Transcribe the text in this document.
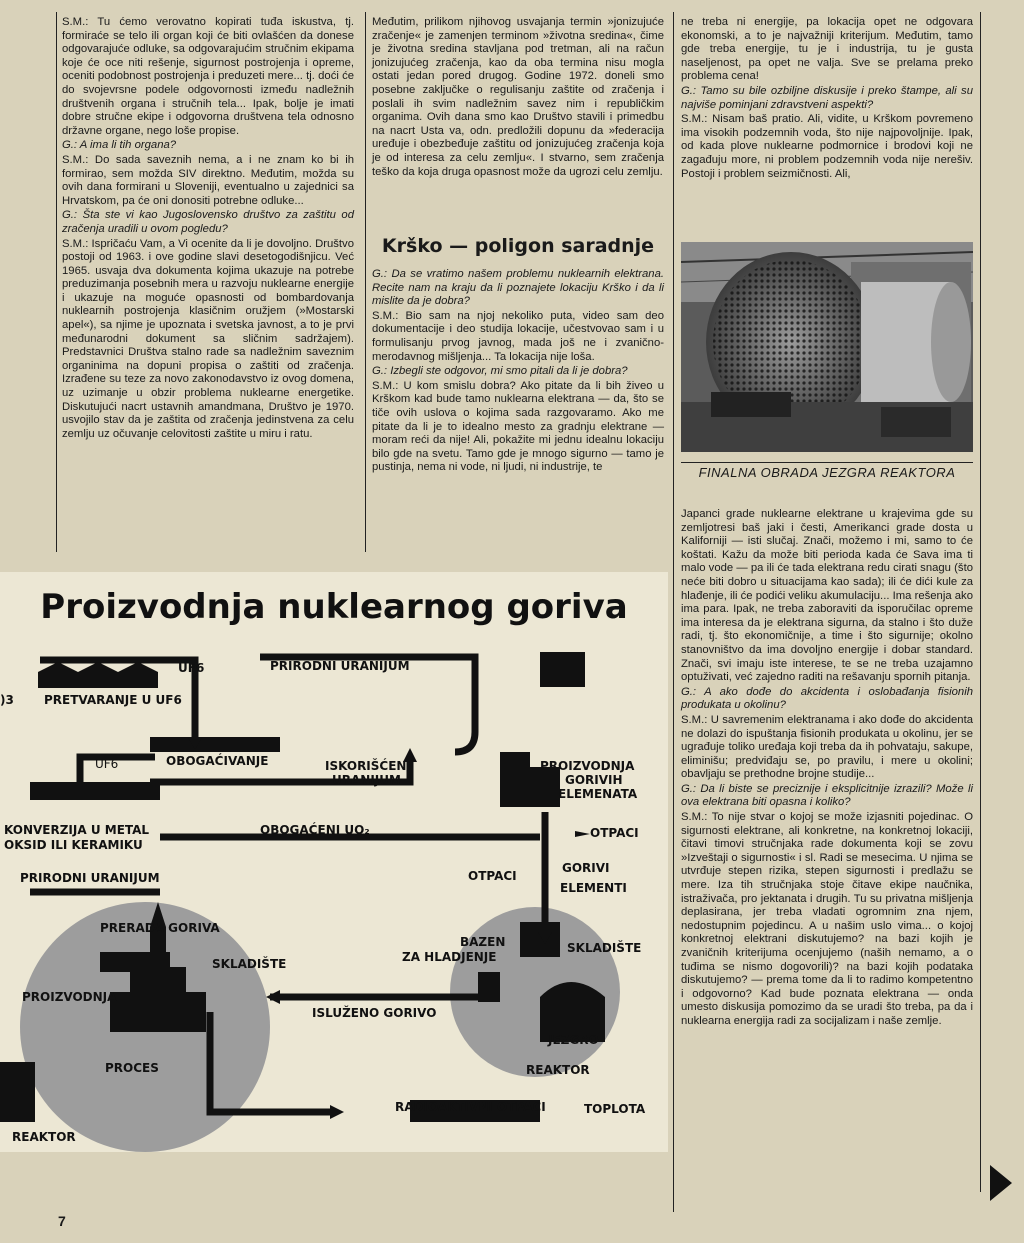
S.M.: Tu ćemo verovatno kopirati tuđa iskustva, tj. formiraće se telo ili organ koji će biti ovlašćen da donese odgovarajuće odluke, sa odgovarajućim stručnim ekipama koje će oce niti rešenje, sigurnost postrojenja i opreme, oceniti podobnost postrojenja i preduzeti mere... tj. doći će do svojevrsne podele odgovornosti između nadležnih društvenih organa i stručnih tela... Ipak, bolje je imati dobre stručne ekipe i odgovorna društvena tela odnosno državne organe, nego loše propise.

G.: A ima li tih organa?

S.M.: Do sada saveznih nema, a i ne znam ko bi ih formirao, sem možda SIV direktno. Međutim, možda su ovih dana formirani u Sloveniji, eventualno u zajednici sa Hrvatskom, pa će oni donositi potrebne odluke...

G.: Šta ste vi kao Jugoslovensko društvo za zaštitu od zračenja uradili u ovom pogledu?

S.M.: Ispričaću Vam, a Vi ocenite da li je dovoljno. Društvo postoji od 1963. i ove godine slavi desetogodišnjicu. Već 1965. usvaja dva dokumenta kojima ukazuje na potrebe preduzimanja posebnih mera u razvoju nuklearne energije i ukazuje na moguće opasnosti od bombardovanja nuklearnih postrojenja klasičnim oružjem (»Mostarski apel«), sa njime je upoznata i svetska javnost, a to je prvi međunarodni dokument sa sličnim sadržajem). Predstavnici Društva stalno rade sa nadležnim saveznim organinima na dopuni propisa o zaštiti od zračenja. Izrađene su teze za novo zakonodavstvo iz ovog domena, uz uzimanje u obzir problema nuklearne energetike. Diskutujući nacrt ustavnih amandmana, Društvo je 1970. usvojilo stav da je zaštita od zračenja jedinstvena za celu zemlju uz očuvanje celovitosti zaštite u miru i ratu.

Međutim, prilikom njihovog usvajanja termin »jonizujuće zračenje« je zamenjen terminom »životna sredina«, čime je životna sredina stavljana pod tretman, ali na račun jonizujućeg zračenja, kao da oba termina nisu mogla ostati jedan pored drugog. Godine 1972. doneli smo posebne zaključke o regulisanju zaštite od zračenja i poslali ih svim nadležnim savez nim i republičkim organima. Ovih dana smo kao Društvo stavili i primedbu na nacrt Usta va, odn. predložili dopunu da »federacija uređuje i obezbeđuje zaštitu od jonizujućeg zračenja koja je od interesa za celu zemlju«. I stvarno, sem zračenja teško da koja druga opasnost može da ugrozi celu zemlju.

Krško — poligon saradnje

G.: Da se vratimo našem problemu nuklearnih elektrana. Recite nam na kraju da li poznajete lokaciju Krško i da li mislite da je dobra?

S.M.: Bio sam na njoj nekoliko puta, video sam deo dokumentacije i deo studija lokacije, učestvovao sam i u formulisanju prvog javnog, mada još ne i zvanično-merodavnog mišljenja... Ta lokacija nije loša.

G.: Izbegli ste odgovor, mi smo pitali da li je dobra?

S.M.: U kom smislu dobra? Ako pitate da li bih živeo u Krškom kad bude tamo nuklearna elektrana — da, što se tiče ovih uslova o kojima sada razgovaramo. Ako me pitate da li je to idealno mesto za gradnju elektrane — moram reći da nije! Ali, pokažite mi jednu idealnu lokaciju bilo gde na svetu. Tamo gde je mnogo sigurno — tamo je pustinja, nema ni vode, ni ljudi, ni industrije, te

ne treba ni energije, pa lokacija opet ne odgovara ekonomski, a to je najvažniji kriterijum. Međutim, tamo gde treba energije, tu je i industrija, tu je gusta naseljenost, pa opet ne valja. Sve se prelama preko problema cena!

G.: Tamo su bile ozbiljne diskusije i preko štampe, ali su najviše pominjani zdravstveni aspekti?

S.M.: Nisam baš pratio. Ali, vidite, u Krškom povremeno ima visokih podzemnih voda, što nije najpovoljnije. Ipak, od kada plove nuklearne podmornice i brodovi koji ne zagađuju more, ni problem podzemnih voda nije nerešiv. Postoji i problem seizmičnosti. Ali,

FINALNA OBRADA JEZGRA REAKTORA

Japanci grade nuklearne elektrane u krajevima gde su zemljotresi baš jaki i česti, Amerikanci grade dosta u Kaliforniji — isti slučaj. Znači, možemo i mi, samo to će koštati. Kažu da može biti perioda kada će Sava ima ti malo vode — pa ili će tada elektrana redu cirati snagu (što neće biti dobro u situacijama kao sada); ili će dići kule za hlađenje, ili će podići veliku akumulaciju... Ima rešenja ako ima para. Ipak, ne treba zaboraviti da isporučilac opreme ima interesa da je elektrana sigurna, da stalno i što duže radi, tj. što ekonomičnije, a time i što sigurnije; okolno stanovništvo da ima dovoljno energije i dobar standard. Znači, svi imaju iste interese, te se ne treba uzajamno optuživati, već zajedno raditi na rešavanju spornih pitanja.

G.: A ako dođe do akcidenta i oslobađanja fisionih produkata u okolinu?

S.M.: U savremenim elektranama i ako dođe do akcidenta ne dolazi do ispuštanja fisionih produkata u okolinu, jer se ugrađuje toliko uređaja koji treba da ih pohvataju, sakupe, eliminišu; predviđaju se, po pravilu, i mere u okolini; obavljaju se prethodne brojne studije...

G.: Da li biste se preciznije i eksplicitnije izrazili? Može li ova elektrana biti opasna i koliko?

S.M.: To nije stvar o kojoj se može izjasniti pojedinac. O sigurnosti elektrane, ali konkretne, na konkretnoj lokaciji, čitavi timovi stručnjaka rade dokumenta koji se zovu »Izveštaji o sigurnosti« i sl. Radi se mesecima. U njima se utvrđuje stepen rizika, stepen sigurnosti i predlažu se mere. Iza tih stručnjaka stoje čitave ekipe naučnika, istraživača, pro jektanata i drugih. Tu su privatna mišljenja deplasirana, jer treba vladati ogromnim zna njem, nedostupnim pojedincu. A u našim uslo vima... o kojoj konkretnoj elektrani diskutujemo? na bazi kojih je zvaničnih kriterijuma ocenjujemo (naših nemamo, a o tuđima se nismo dogovorili)? na bazi kojih podataka diskutujemo? — prema tome da li to radimo kompetentno i odgovorno? Kad bude poznata elektrana — onda umesto diskusija pomozimo da se uradi što treba, pa da i nuklearna energija radi za socijalizam i naše zemlje.

Proizvodnja nuklearnog goriva
UF6	PRIRODNI URANIJUM
)3	PRETVARANJE U UF6
UF6	OBOGAĆIVANJE	ISKORIŠĆENI
URANIJUM
PROIZVODNJA
GORIVIH
ELEMENATA
KONVERZIJA U METAL
OKSID ILI KERAMIKU
OBOGAĆENI UO₂	OTPACI
PRIRODNI URANIJUM	OTPACI
GORIVI
ELEMENTI
PRERADA GORIVA
BAZEN
ZA HLADJENJE
SKLADIŠTE
SKLADIŠTE
PROIZVODNJA
ISLUŽENO GORIVO
JEZGRO
PROCES	REAKTOR
RADIOAKTIVNI OTPACI	TOPLOTA
REAKTOR
7
